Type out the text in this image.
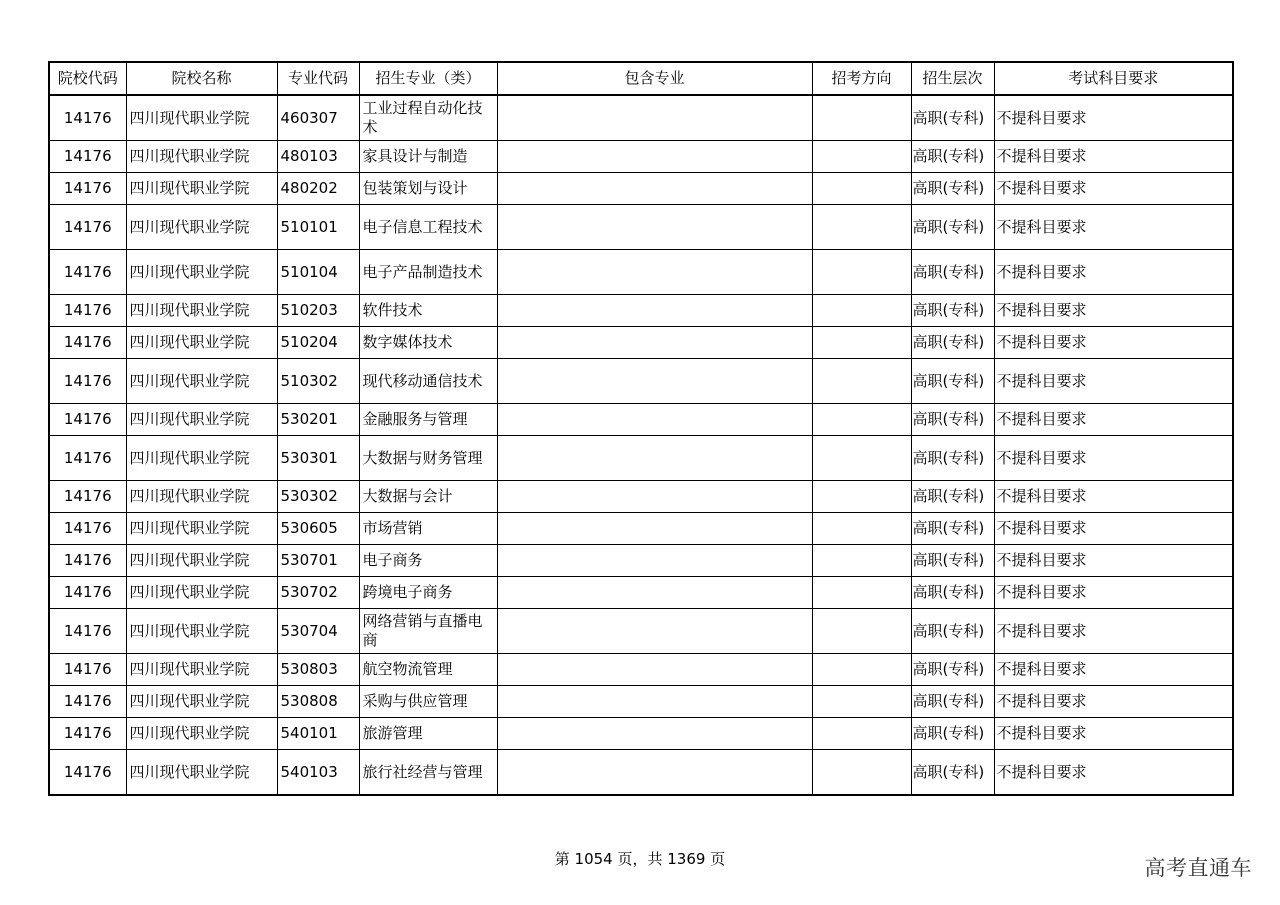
院校代码	院校名称	专业代码	招生专业（类）	包含专业	招考方向	招生层次	考试科目要求
14176	四川现代职业学院	460307	工业过程自动化技术			高职(专科)	不提科目要求
14176	四川现代职业学院	480103	家具设计与制造			高职(专科)	不提科目要求
14176	四川现代职业学院	480202	包装策划与设计			高职(专科)	不提科目要求
14176	四川现代职业学院	510101	电子信息工程技术			高职(专科)	不提科目要求
14176	四川现代职业学院	510104	电子产品制造技术			高职(专科)	不提科目要求
14176	四川现代职业学院	510203	软件技术			高职(专科)	不提科目要求
14176	四川现代职业学院	510204	数字媒体技术			高职(专科)	不提科目要求
14176	四川现代职业学院	510302	现代移动通信技术			高职(专科)	不提科目要求
14176	四川现代职业学院	530201	金融服务与管理			高职(专科)	不提科目要求
14176	四川现代职业学院	530301	大数据与财务管理			高职(专科)	不提科目要求
14176	四川现代职业学院	530302	大数据与会计			高职(专科)	不提科目要求
14176	四川现代职业学院	530605	市场营销			高职(专科)	不提科目要求
14176	四川现代职业学院	530701	电子商务			高职(专科)	不提科目要求
14176	四川现代职业学院	530702	跨境电子商务			高职(专科)	不提科目要求
14176	四川现代职业学院	530704	网络营销与直播电商			高职(专科)	不提科目要求
14176	四川现代职业学院	530803	航空物流管理			高职(专科)	不提科目要求
14176	四川现代职业学院	530808	采购与供应管理			高职(专科)	不提科目要求
14176	四川现代职业学院	540101	旅游管理			高职(专科)	不提科目要求
14176	四川现代职业学院	540103	旅行社经营与管理			高职(专科)	不提科目要求
第 1054 页，共 1369 页	高考直通车
